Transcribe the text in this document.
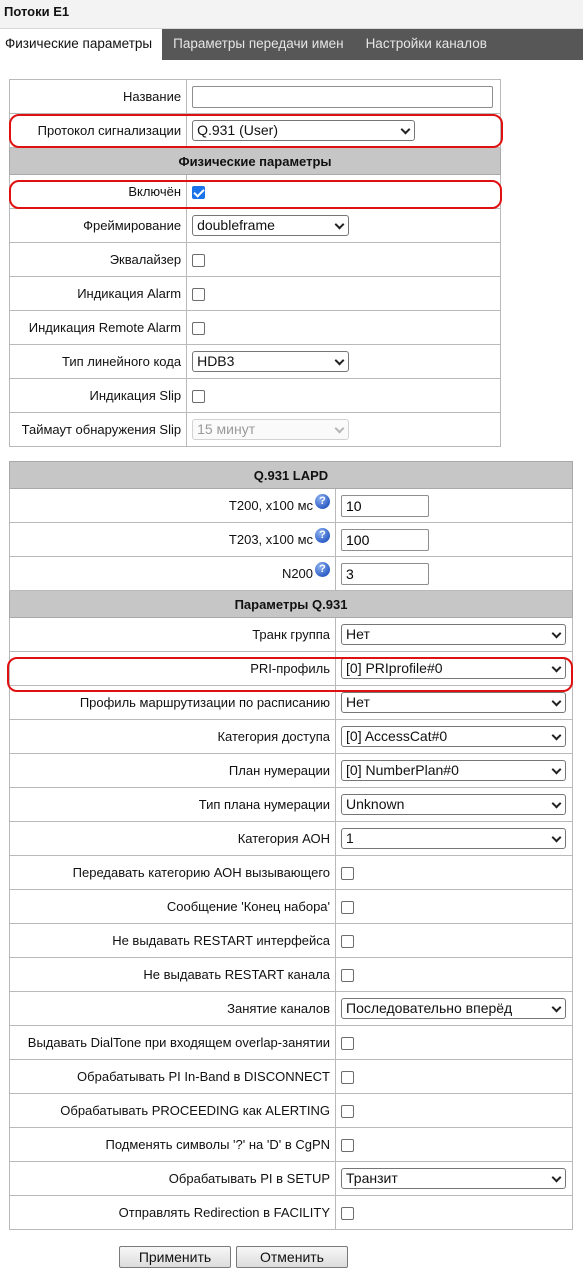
Потоки E1
Физические параметры	Параметры передачи имен	Настройки каналов
Название	
Протокол сигнализации	Q.931 (User)

Физические параметры	
Включён	
Фреймирование	doubleframe

Эквалайзер	
Индикация Alarm	
Индикация Remote Alarm	
Тип линейного кода	HDB3

Индикация Slip	
Таймаут обнаружения Slip	15 минут
Q.931 LAPD	
T200, x100 мс ?	10
T203, x100 мс ?	100
N200 ?	3
Параметры Q.931	
Транк группа	Нет

PRI-профиль	[0] PRIprofile#0

Профиль маршрутизации по расписанию	Нет

Категория доступа	[0] AccessCat#0

План нумерации	[0] NumberPlan#0

Тип плана нумерации	Unknown

Категория АОН	1

Передавать категорию АОН вызывающего	
Сообщение 'Конец набора'	
Не выдавать RESTART интерфейса	
Не выдавать RESTART канала	
Занятие каналов	Последовательно вперёд

Выдавать DialTone при входящем overlap-занятии	
Обрабатывать PI In-Band в DISCONNECT	
Обрабатывать PROCEEDING как ALERTING	
Подменять символы '?' на 'D' в CgPN	
Обрабатывать PI в SETUP	Транзит

Отправлять Redirection в FACILITY	
Применить	Отменить
